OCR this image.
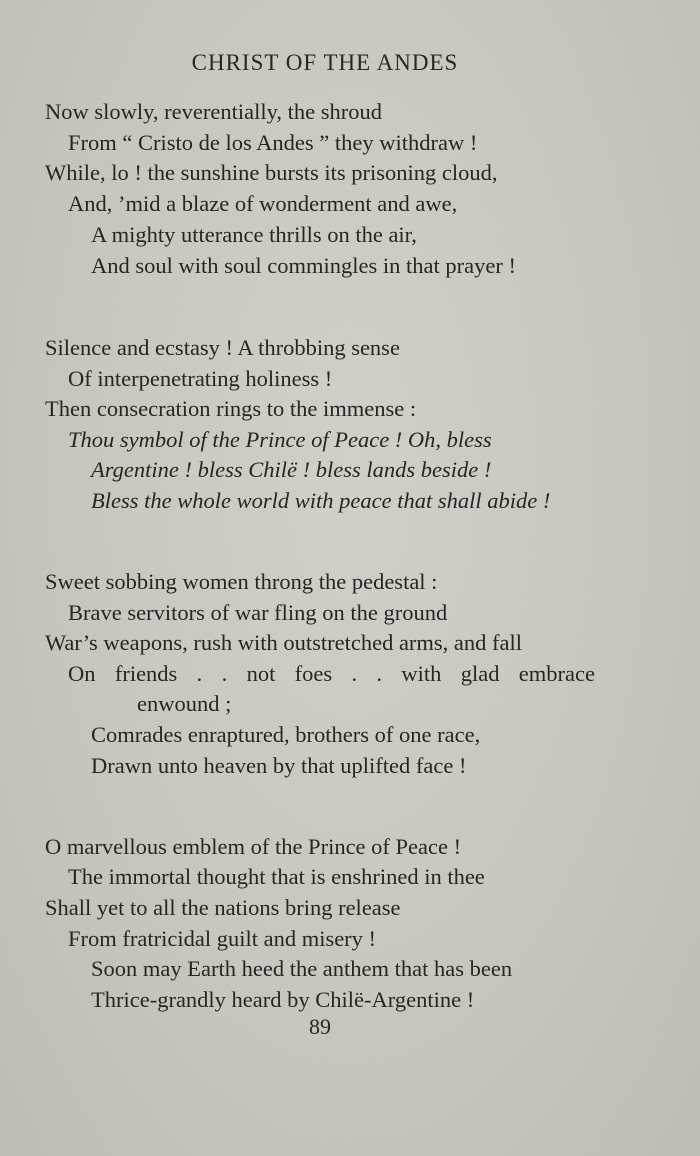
CHRIST OF THE ANDES
Now slowly, reverentially, the shroud
From “ Cristo de los Andes ” they withdraw !
While, lo ! the sunshine bursts its prisoning cloud,
And, ’mid a blaze of wonderment and awe,
A mighty utterance thrills on the air,
And soul with soul commingles in that prayer !
Silence and ecstasy ! A throbbing sense
Of interpenetrating holiness !
Then consecration rings to the immense :
Thou symbol of the Prince of Peace ! Oh, bless
Argentine ! bless Chilë ! bless lands beside !
Bless the whole world with peace that shall abide !
Sweet sobbing women throng the pedestal :
Brave servitors of war fling on the ground
War’s weapons, rush with outstretched arms, and fall
On friends . . not foes . . with glad embrace
enwound ;
Comrades enraptured, brothers of one race,
Drawn unto heaven by that uplifted face !
O marvellous emblem of the Prince of Peace !
The immortal thought that is enshrined in thee
Shall yet to all the nations bring release
From fratricidal guilt and misery !
Soon may Earth heed the anthem that has been
Thrice-grandly heard by Chilë-Argentine !
89
